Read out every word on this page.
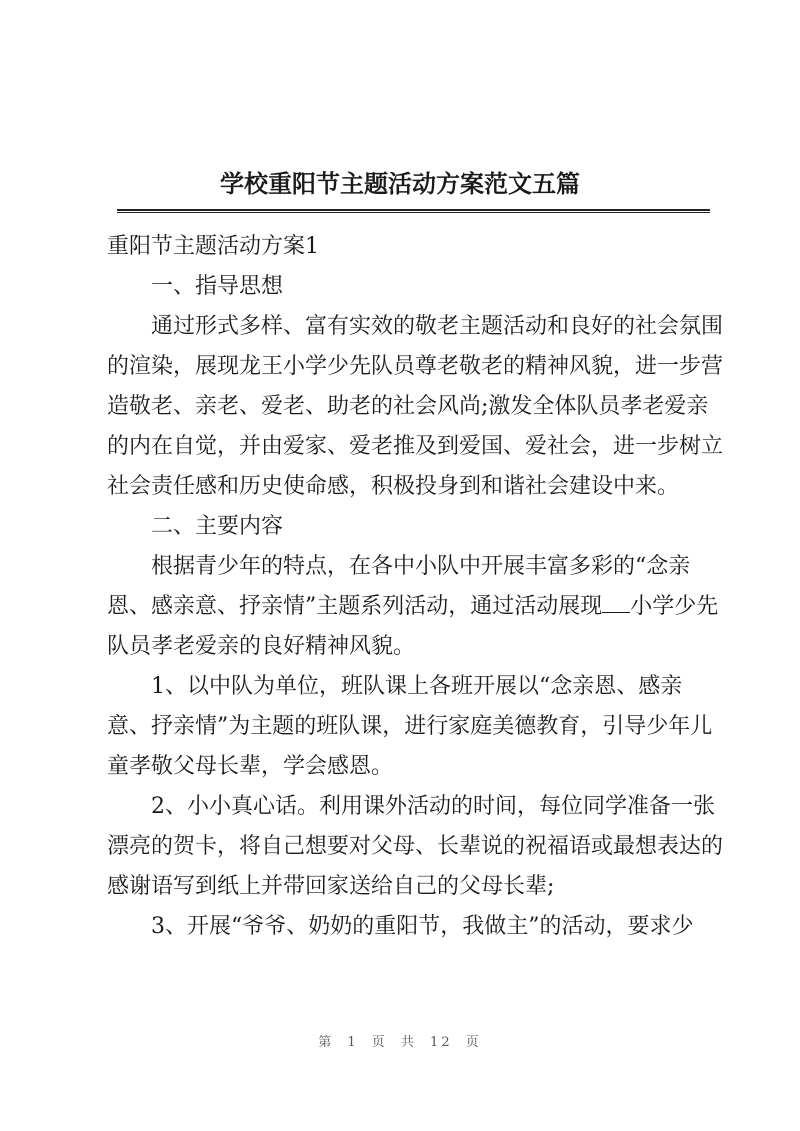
学校重阳节主题活动方案范文五篇
重阳节主题活动方案1
一、指导思想
通过形式多样、富有实效的敬老主题活动和良好的社会氛围
的渲染，展现龙王小学少先队员尊老敬老的精神风貌，进一步营
造敬老、亲老、爱老、助老的社会风尚;激发全体队员孝老爱亲
的内在自觉，并由爱家、爱老推及到爱国、爱社会，进一步树立
社会责任感和历史使命感，积极投身到和谐社会建设中来。
二、主要内容
根据青少年的特点，在各中小队中开展丰富多彩的“念亲
恩、感亲意、抒亲情”主题系列活动，通过活动展现 小学少先
队员孝老爱亲的良好精神风貌。
1、以中队为单位，班队课上各班开展以“念亲恩、感亲
意、抒亲情”为主题的班队课，进行家庭美德教育，引导少年儿
童孝敬父母长辈，学会感恩。
2、小小真心话。利用课外活动的时间，每位同学准备一张
漂亮的贺卡，将自己想要对父母、长辈说的祝福语或最想表达的
感谢语写到纸上并带回家送给自己的父母长辈;
3、开展“爷爷、奶奶的重阳节，我做主”的活动，要求少
第 1 页 共 12 页
